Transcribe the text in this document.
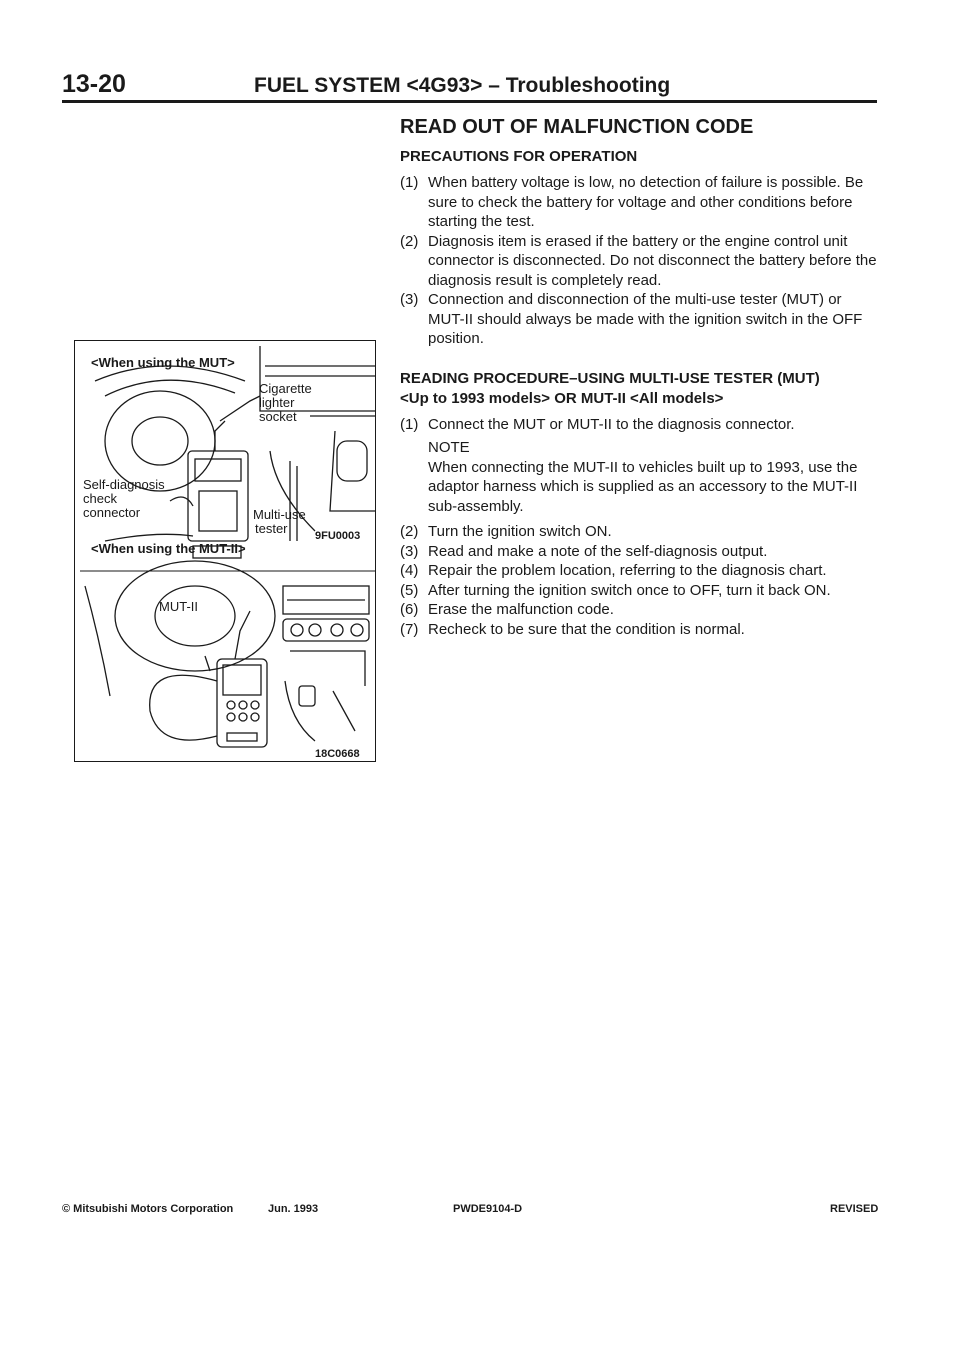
13-20	FUEL SYSTEM <4G93> – Troubleshooting
READ OUT OF MALFUNCTION CODE
PRECAUTIONS FOR OPERATION
(1) When battery voltage is low, no detection of failure is possible. Be sure to check the battery for voltage and other conditions before starting the test.
(2) Diagnosis item is erased if the battery or the engine control unit connector is disconnected. Do not disconnect the battery before the diagnosis result is completely read.
(3) Connection and disconnection of the multi-use tester (MUT) or MUT-II should always be made with the ignition switch in the OFF position.
READING PROCEDURE–USING MULTI-USE TESTER (MUT)
<Up to 1993 models> OR MUT-II <All models>
(1) Connect the MUT or MUT-II to the diagnosis connector.
NOTE
When connecting the MUT-II to vehicles built up to 1993, use the adaptor harness which is supplied as an accessory to the MUT-II sub-assembly.
(2) Turn the ignition switch ON.
(3) Read and make a note of the self-diagnosis output.
(4) Repair the problem location, referring to the diagnosis chart.
(5) After turning the ignition switch once to OFF, turn it back ON.
(6) Erase the malfunction code.
(7) Recheck to be sure that the condition is normal.
<When using the MUT>
Cigarette
lighter
socket
Self-diagnosis
check
connector	Multi-use
tester 9FU0003
<When using the MUT-II>
MUT-II
18C0668
© Mitsubishi Motors Corporation	Jun. 1993	PWDE9104-D	REVISED
